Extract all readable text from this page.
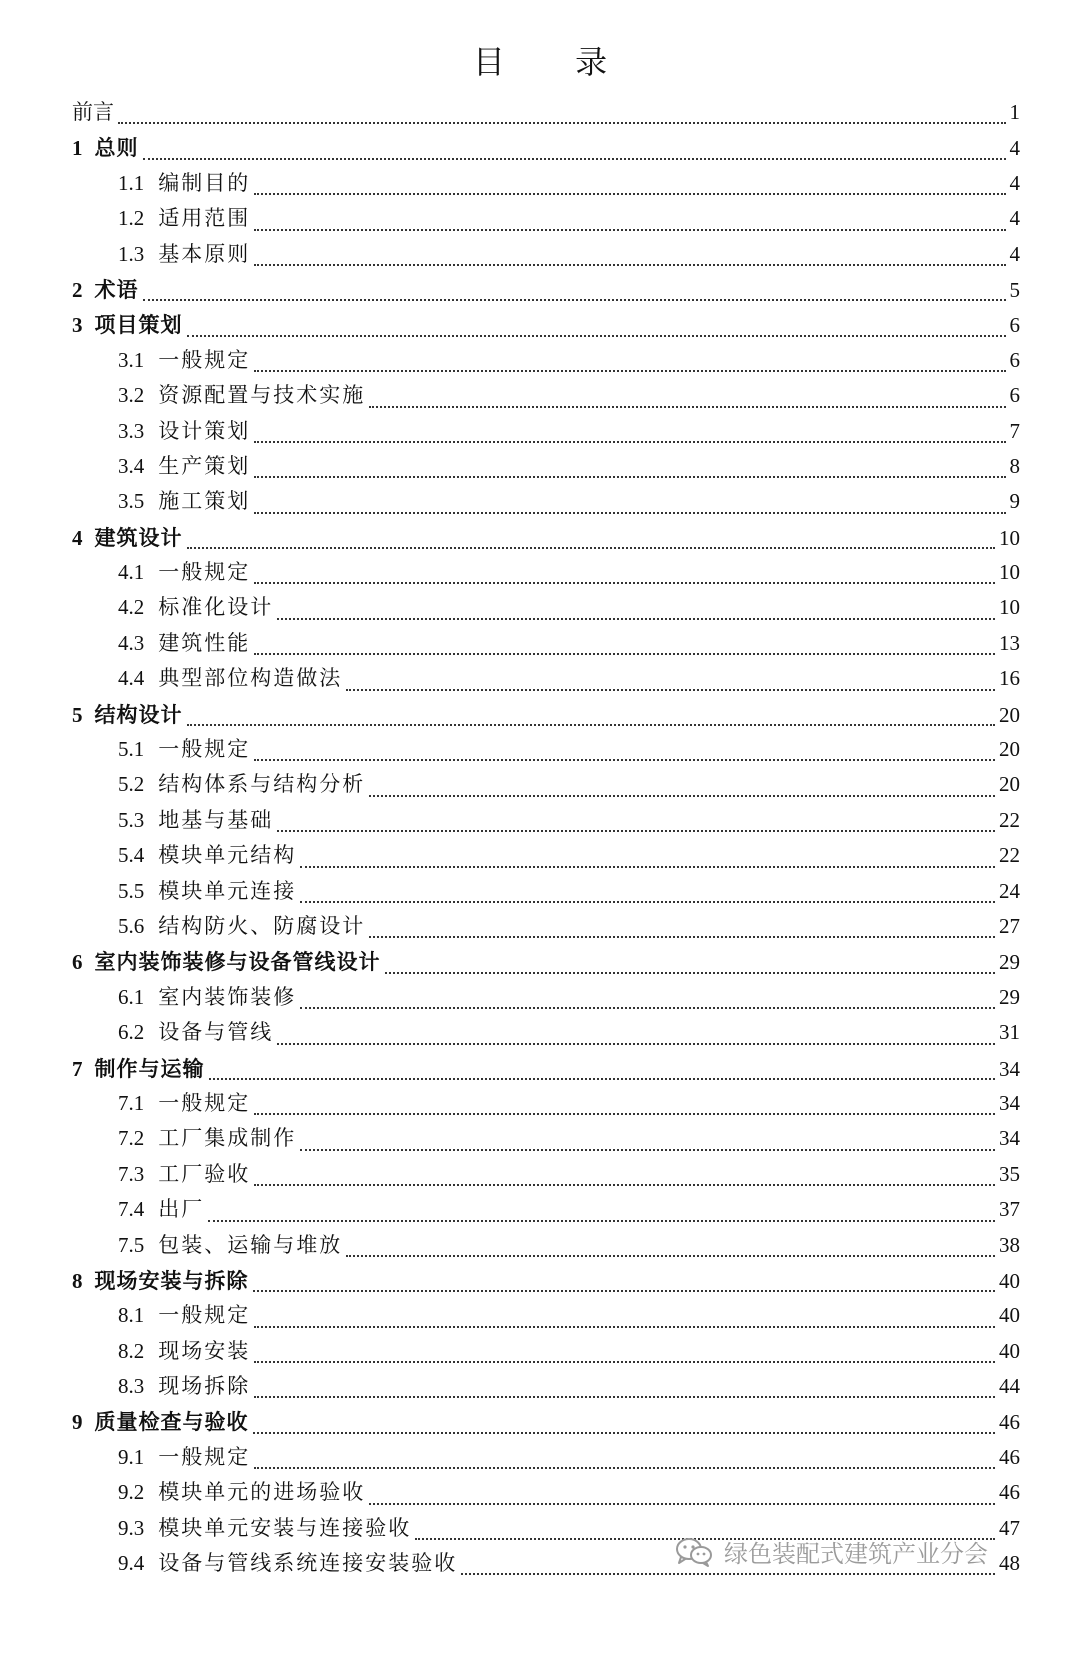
目 录
前言	1
1 总则	4
1.1 编制目的	4
1.2 适用范围	4
1.3 基本原则	4
2 术语	5
3 项目策划	6
3.1 一般规定	6
3.2 资源配置与技术实施	6
3.3 设计策划	7
3.4 生产策划	8
3.5 施工策划	9
4 建筑设计	10
4.1 一般规定	10
4.2 标准化设计	10
4.3 建筑性能	13
4.4 典型部位构造做法	16
5 结构设计	20
5.1 一般规定	20
5.2 结构体系与结构分析	20
5.3 地基与基础	22
5.4 模块单元结构	22
5.5 模块单元连接	24
5.6 结构防火、防腐设计	27
6 室内装饰装修与设备管线设计	29
6.1 室内装饰装修	29
6.2 设备与管线	31
7 制作与运输	34
7.1 一般规定	34
7.2 工厂集成制作	34
7.3 工厂验收	35
7.4 出厂	37
7.5 包装、运输与堆放	38
8 现场安装与拆除	40
8.1 一般规定	40
8.2 现场安装	40
8.3 现场拆除	44
9 质量检查与验收	46
9.1 一般规定	46
9.2 模块单元的进场验收	46
9.3 模块单元安装与连接验收	47
9.4 设备与管线系统连接安装验收	48
绿色装配式建筑产业分会
